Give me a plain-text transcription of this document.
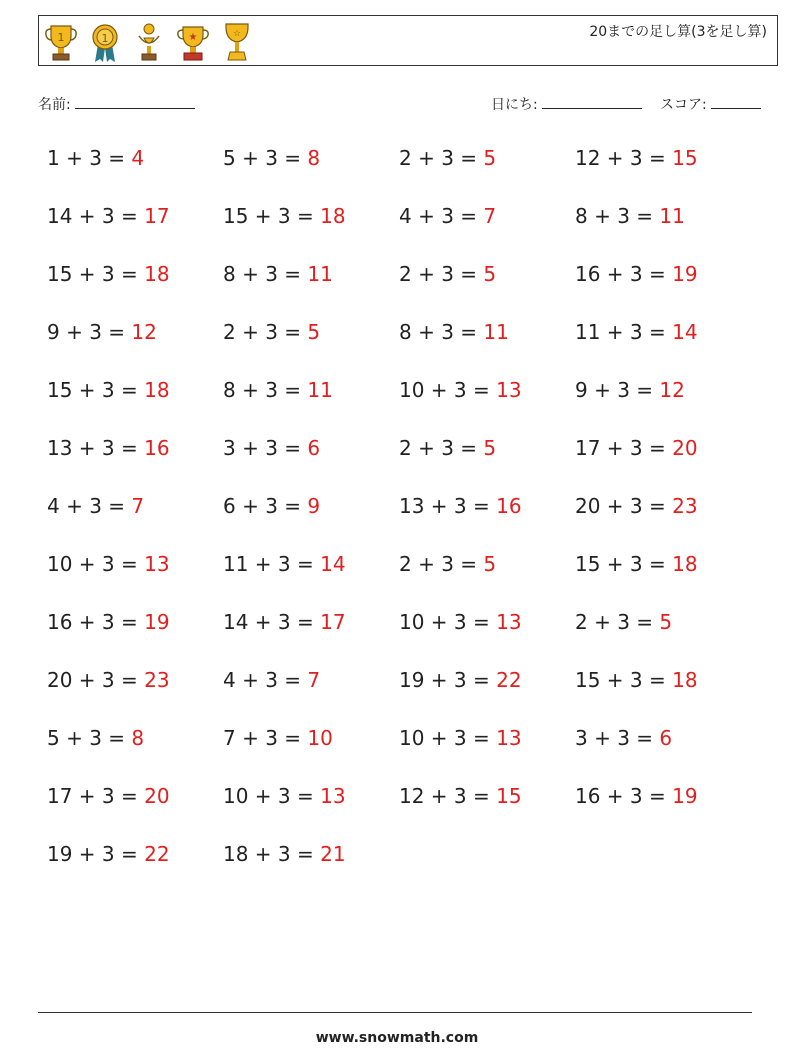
1	1	★	☆	20までの足し算(3を足し算)
名前:	日にち:	スコア:
1 + 3 = 4	5 + 3 = 8	2 + 3 = 5	12 + 3 = 15
14 + 3 = 17	15 + 3 = 18	4 + 3 = 7	8 + 3 = 11
15 + 3 = 18	8 + 3 = 11	2 + 3 = 5	16 + 3 = 19
9 + 3 = 12	2 + 3 = 5	8 + 3 = 11	11 + 3 = 14
15 + 3 = 18	8 + 3 = 11	10 + 3 = 13	9 + 3 = 12
13 + 3 = 16	3 + 3 = 6	2 + 3 = 5	17 + 3 = 20
4 + 3 = 7	6 + 3 = 9	13 + 3 = 16	20 + 3 = 23
10 + 3 = 13	11 + 3 = 14	2 + 3 = 5	15 + 3 = 18
16 + 3 = 19	14 + 3 = 17	10 + 3 = 13	2 + 3 = 5
20 + 3 = 23	4 + 3 = 7	19 + 3 = 22	15 + 3 = 18
5 + 3 = 8	7 + 3 = 10	10 + 3 = 13	3 + 3 = 6
17 + 3 = 20	10 + 3 = 13	12 + 3 = 15	16 + 3 = 19
19 + 3 = 22	18 + 3 = 21
www.snowmath.com
